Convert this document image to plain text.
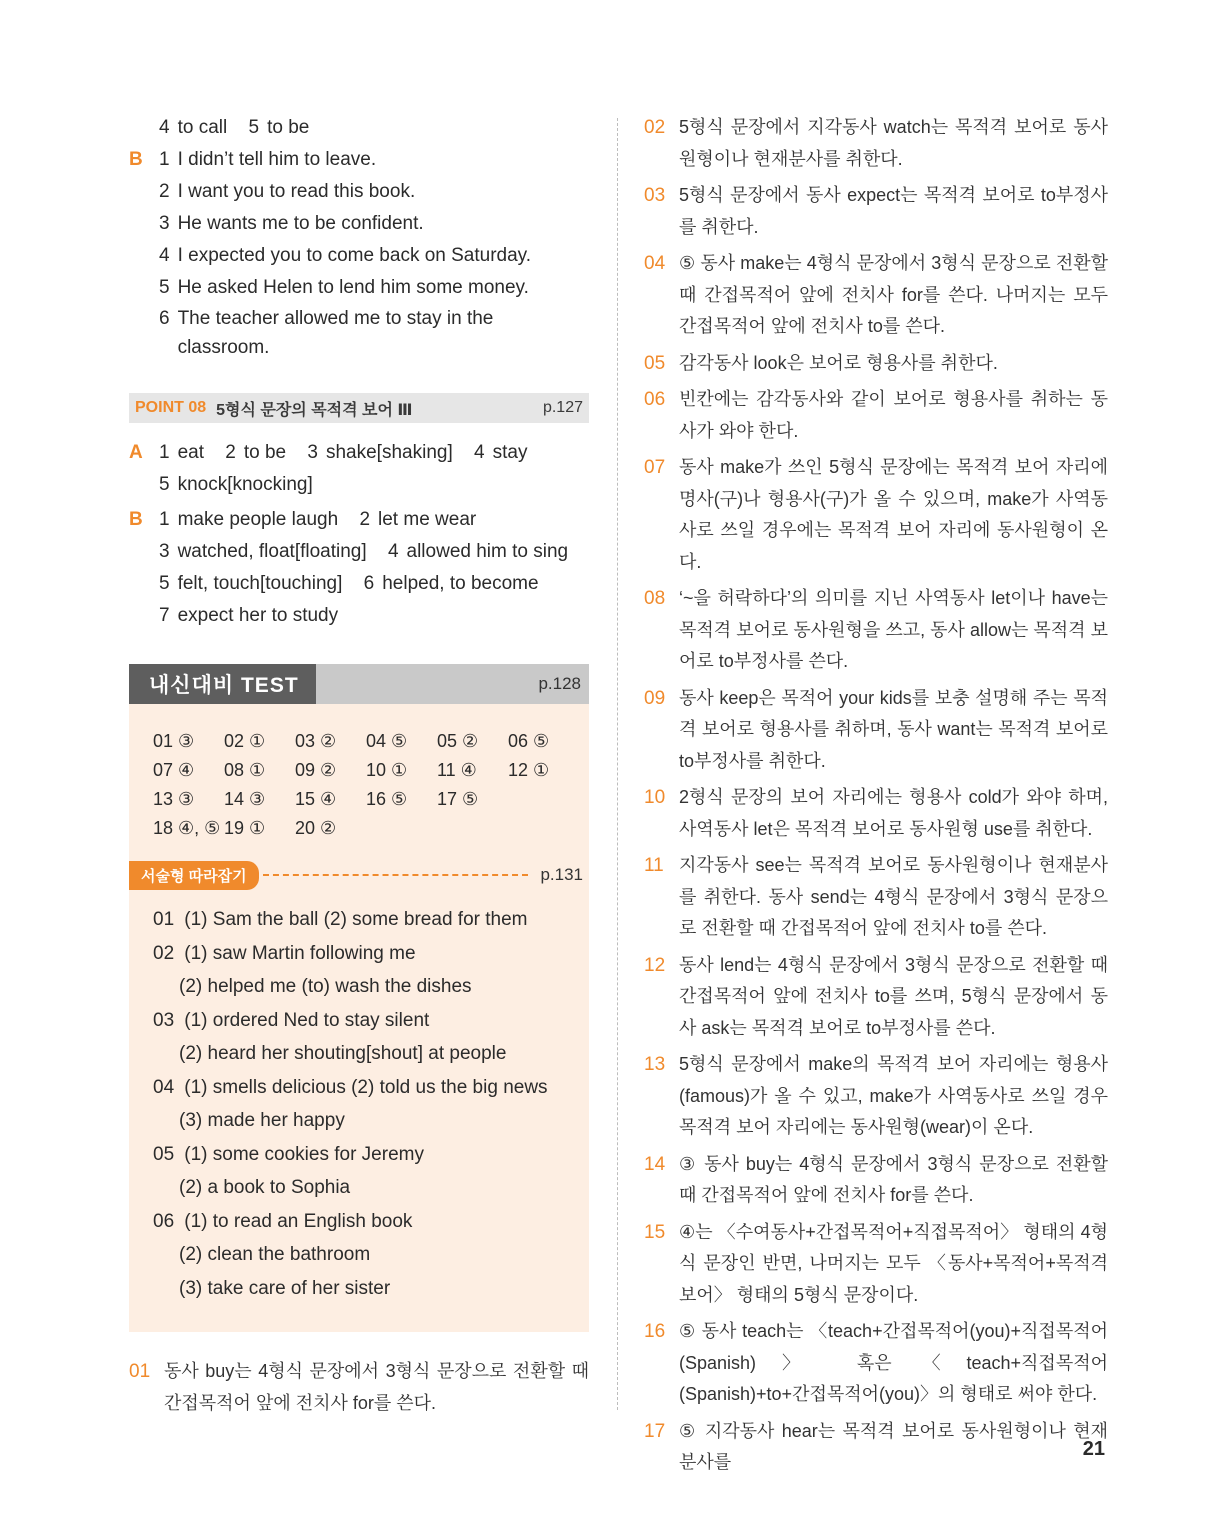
4 to call 5 to be
B 1 I didn’t tell him to leave.
2 I want you to read this book.
3 He wants me to be confident.
4 I expected you to come back on Saturday.
5 He asked Helen to lend him some money.
6 The teacher allowed me to stay in the classroom.
POINT 08 5형식 문장의 목적격 보어 Ⅲ	p.127
A 1 eat 2 to be 3 shake[shaking] 4 stay
5 knock[knocking]
B 1 make people laugh 2 let me wear
3 watched, float[floating] 4 allowed him to sing
5 felt, touch[touching] 6 helped, to become
7 expect her to study
내신대비 TEST	p.128
01 ③	02 ①	03 ②	04 ⑤	05 ②	06 ⑤
07 ④	08 ①	09 ②	10 ①	11 ④	12 ①
13 ③	14 ③	15 ④	16 ⑤	17 ⑤
18 ④, ⑤ 19 ①	20 ②
서술형 따라잡기	p.131
01 (1) Sam the ball (2) some bread for them
02 (1) saw Martin following me
(2) helped me (to) wash the dishes
03 (1) ordered Ned to stay silent
(2) heard her shouting[shout] at people
04 (1) smells delicious (2) told us the big news
(3) made her happy
05 (1) some cookies for Jeremy
(2) a book to Sophia
06 (1) to read an English book
(2) clean the bathroom
(3) take care of her sister
01 동사 buy는 4형식 문장에서 3형식 문장으로 전환할 때 간접목적어 앞에 전치사 for를 쓴다.
02 5형식 문장에서 지각동사 watch는 목적격 보어로 동사원형이나 현재분사를 취한다.
03 5형식 문장에서 동사 expect는 목적격 보어로 to부정사를 취한다.
04 ⑤ 동사 make는 4형식 문장에서 3형식 문장으로 전환할 때 간접목적어 앞에 전치사 for를 쓴다. 나머지는 모두 간접목적어 앞에 전치사 to를 쓴다.
05 감각동사 look은 보어로 형용사를 취한다.
06 빈칸에는 감각동사와 같이 보어로 형용사를 취하는 동사가 와야 한다.
07 동사 make가 쓰인 5형식 문장에는 목적격 보어 자리에 명사(구)나 형용사(구)가 올 수 있으며, make가 사역동사로 쓰일 경우에는 목적격 보어 자리에 동사원형이 온다.
08 ‘~을 허락하다’의 의미를 지닌 사역동사 let이나 have는 목적격 보어로 동사원형을 쓰고, 동사 allow는 목적격 보어로 to부정사를 쓴다.
09 동사 keep은 목적어 your kids를 보충 설명해 주는 목적격 보어로 형용사를 취하며, 동사 want는 목적격 보어로 to부정사를 취한다.
10 2형식 문장의 보어 자리에는 형용사 cold가 와야 하며, 사역동사 let은 목적격 보어로 동사원형 use를 취한다.
11 지각동사 see는 목적격 보어로 동사원형이나 현재분사를 취한다. 동사 send는 4형식 문장에서 3형식 문장으로 전환할 때 간접목적어 앞에 전치사 to를 쓴다.
12 동사 lend는 4형식 문장에서 3형식 문장으로 전환할 때 간접목적어 앞에 전치사 to를 쓰며, 5형식 문장에서 동사 ask는 목적격 보어로 to부정사를 쓴다.
13 5형식 문장에서 make의 목적격 보어 자리에는 형용사(famous)가 올 수 있고, make가 사역동사로 쓰일 경우 목적격 보어 자리에는 동사원형(wear)이 온다.
14 ③ 동사 buy는 4형식 문장에서 3형식 문장으로 전환할 때 간접목적어 앞에 전치사 for를 쓴다.
15 ④는 〈수여동사+간접목적어+직접목적어〉 형태의 4형식 문장인 반면, 나머지는 모두 〈동사+목적어+목적격 보어〉 형태의 5형식 문장이다.
16 ⑤ 동사 teach는 〈teach+간접목적어(you)+직접목적어(Spanish)〉 혹은 〈teach+직접목적어(Spanish)+to+간접목적어(you)〉의 형태로 써야 한다.
17 ⑤ 지각동사 hear는 목적격 보어로 동사원형이나 현재분사를
21
